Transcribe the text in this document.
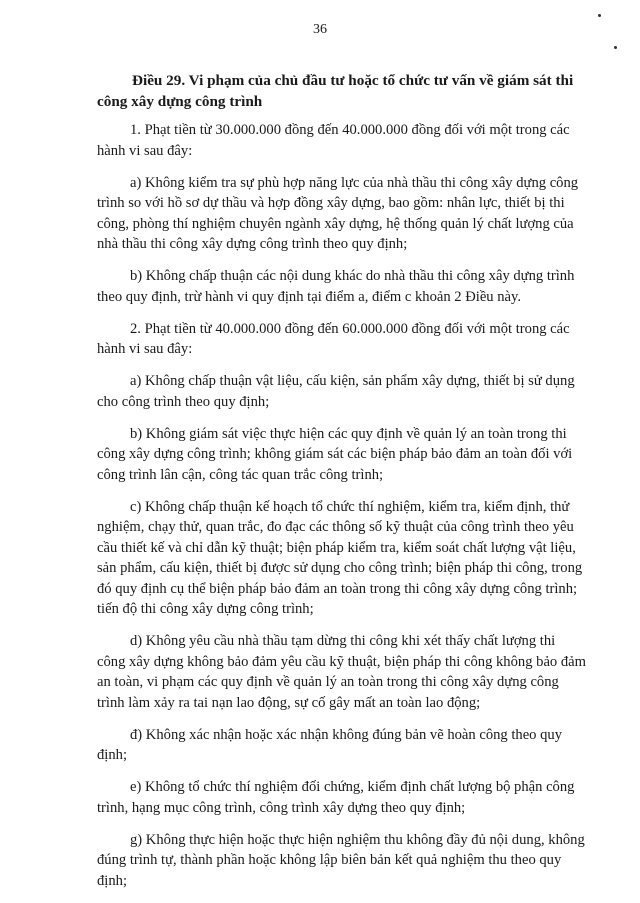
36
Điều 29. Vi phạm của chủ đầu tư hoặc tổ chức tư vấn về giám sát thi công xây dựng công trình

1. Phạt tiền từ 30.000.000 đồng đến 40.000.000 đồng đối với một trong các hành vi sau đây:

a) Không kiểm tra sự phù hợp năng lực của nhà thầu thi công xây dựng công trình so với hồ sơ dự thầu và hợp đồng xây dựng, bao gồm: nhân lực, thiết bị thi công, phòng thí nghiệm chuyên ngành xây dựng, hệ thống quản lý chất lượng của nhà thầu thi công xây dựng công trình theo quy định;

b) Không chấp thuận các nội dung khác do nhà thầu thi công xây dựng trình theo quy định, trừ hành vi quy định tại điểm a, điểm c khoản 2 Điều này.

2. Phạt tiền từ 40.000.000 đồng đến 60.000.000 đồng đối với một trong các hành vi sau đây:

a) Không chấp thuận vật liệu, cấu kiện, sản phẩm xây dựng, thiết bị sử dụng cho công trình theo quy định;

b) Không giám sát việc thực hiện các quy định về quản lý an toàn trong thi công xây dựng công trình; không giám sát các biện pháp bảo đảm an toàn đối với công trình lân cận, công tác quan trắc công trình;

c) Không chấp thuận kế hoạch tổ chức thí nghiệm, kiểm tra, kiểm định, thử nghiệm, chạy thử, quan trắc, đo đạc các thông số kỹ thuật của công trình theo yêu cầu thiết kế và chỉ dẫn kỹ thuật; biện pháp kiểm tra, kiểm soát chất lượng vật liệu, sản phẩm, cấu kiện, thiết bị được sử dụng cho công trình; biện pháp thi công, trong đó quy định cụ thể biện pháp bảo đảm an toàn trong thi công xây dựng công trình; tiến độ thi công xây dựng công trình;

d) Không yêu cầu nhà thầu tạm dừng thi công khi xét thấy chất lượng thi công xây dựng không bảo đảm yêu cầu kỹ thuật, biện pháp thi công không bảo đảm an toàn, vi phạm các quy định về quản lý an toàn trong thi công xây dựng công trình làm xảy ra tai nạn lao động, sự cố gây mất an toàn lao động;

đ) Không xác nhận hoặc xác nhận không đúng bản vẽ hoàn công theo quy định;

e) Không tổ chức thí nghiệm đối chứng, kiểm định chất lượng bộ phận công trình, hạng mục công trình, công trình xây dựng theo quy định;

g) Không thực hiện hoặc thực hiện nghiệm thu không đầy đủ nội dung, không đúng trình tự, thành phần hoặc không lập biên bản kết quả nghiệm thu theo quy định;
